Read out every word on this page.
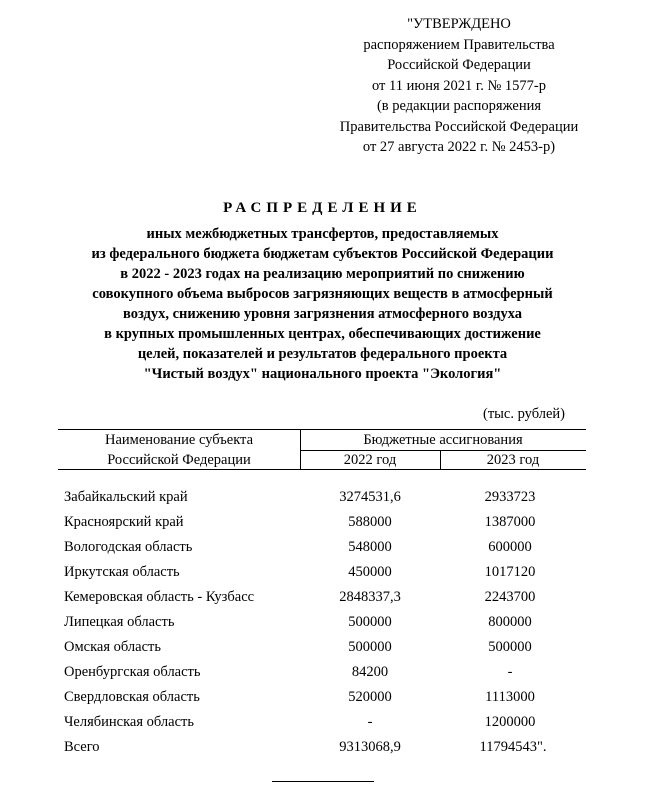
"УТВЕРЖДЕНО
распоряжением Правительства
Российской Федерации
от 11 июня 2021 г. № 1577-р
(в редакции распоряжения
Правительства Российской Федерации
от 27 августа 2022 г. № 2453-р)
РАСПРЕДЕЛЕНИЕ
иных межбюджетных трансфертов, предоставляемых
из федерального бюджета бюджетам субъектов Российской Федерации
в 2022 - 2023 годах на реализацию мероприятий по снижению
совокупного объема выбросов загрязняющих веществ в атмосферный
воздух, снижению уровня загрязнения атмосферного воздуха
в крупных промышленных центрах, обеспечивающих достижение
целей, показателей и результатов федерального проекта
"Чистый воздух" национального проекта "Экология"
(тыс. рублей)
Наименование субъекта
Российской Федерации
Бюджетные ассигнования
2022 год	2023 год
Забайкальский край	3274531,6	2933723
Красноярский край	588000	1387000
Вологодская область	548000	600000
Иркутская область	450000	1017120
Кемеровская область - Кузбасс	2848337,3	2243700
Липецкая область	500000	800000
Омская область	500000	500000
Оренбургская область	84200	-
Свердловская область	520000	1113000
Челябинская область	-	1200000
Всего	9313068,9	11794543".
